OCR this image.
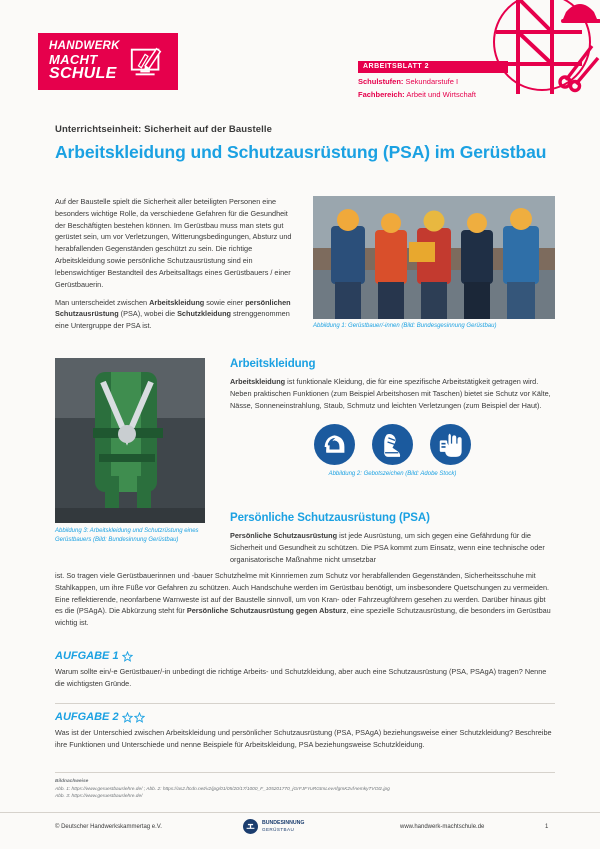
HANDWERK
MACHT
SCHULE	ARBEITSBLATT 2
Schulstufen: Sekundarstufe I
Fachbereich: Arbeit und Wirtschaft
Unterrichtseinheit: Sicherheit auf der Baustelle
Arbeitskleidung und Schutzausrüstung (PSA) im Gerüstbau

Auf der Baustelle spielt die Sicherheit aller beteiligten Personen eine besonders wichtige Rolle, da verschiedene Gefahren für die Gesundheit der Beschäftigten bestehen können. Im Gerüstbau muss man stets gut gerüstet sein, um vor Verletzungen, Witterungsbedingungen, Absturz und herabfallenden Gegenständen geschützt zu sein. Die richtige Arbeitskleidung sowie persönliche Schutzausrüstung sind ein lebenswichtiger Bestandteil des Arbeitsalltags eines Gerüstbauers / einer Gerüstbauerin.

Man unterscheidet zwischen Arbeitskleidung sowie einer persönlichen Schutzausrüstung (PSA), wobei die Schutzkleidung strenggenommen eine Untergruppe der PSA ist.	Abbildung 1: Gerüstbauer/-innen (Bild: Bundesgesinnung Gerüstbau)
Abbildung 3: Arbeitskleidung und Schutzrüstung eines Gerüstbauers (Bild: Bundesinnung Gerüstbau)
Arbeitskleidung
Arbeitskleidung ist funktionale Kleidung, die für eine spezifische Arbeitstätigkeit getragen wird. Neben praktischen Funktionen (zum Beispiel Arbeitshosen mit Taschen) bietet sie Schutz vor Kälte, Nässe, Sonneneinstrahlung, Staub, Schmutz und leichten Verletzungen (zum Beispiel der Haut).
Abbildung 2: Gebotszeichen (Bild: Adobe Stock)
Persönliche Schutzausrüstung (PSA)
Persönliche Schutzausrüstung ist jede Ausrüstung, um sich gegen eine Gefährdung für die Sicherheit und Gesundheit zu schützen. Die PSA kommt zum Einsatz, wenn eine technische oder organisatorische Maßnahme nicht umsetzbar
ist. So tragen viele Gerüstbauerinnen und -bauer Schutzhelme mit Kinnriemen zum Schutz vor herabfallenden Gegenständen, Sicherheitsschuhe mit Stahlkappen, um ihre Füße vor Gefahren zu schützen. Auch Handschuhe werden im Gerüstbau benötigt, um insbesondere Quetschungen zu vermeiden. Eine reflektierende, neonfarbene Warnweste ist auf der Baustelle sinnvoll, um von Kran- oder Fahrzeugführern gesehen zu werden. Darüber hinaus gibt es die (PSAgA). Die Abkürzung steht für Persönliche Schutzausrüstung gegen Absturz, eine spezielle Schutzausrüstung, die besonders im Gerüstbau wichtig ist.
AUFGABE 1
Warum sollte ein/-e Gerüstbauer/-in unbedingt die richtige Arbeits- und Schutzkleidung, aber auch eine Schutzausrüstung (PSA, PSAgA) tragen? Nenne die wichtigsten Gründe.
AUFGABE 2
Was ist der Unterschied zwischen Arbeitskleidung und persönlicher Schutzausrüstung (PSA, PSAgA) beziehungsweise einer Schutzkleidung? Beschreibe ihre Funktionen und Unterschiede und nenne Beispiele für Arbeitskleidung, PSA beziehungsweise Schutzkleidung.
Bildnachweise
Abb. 1: https://www.geruestbauslehre.de/ ; Abb. 2: https://as2.ftcdn.net/v2/jpg/01/05/20/17/1000_F_105201770_jGrFJFYuRGtmLevAfgmK2vfAemkyTVOtz.jpg
Abb. 3: https://www.geruestbauslehre.de/
© Deutscher Handwerkskammertag e.V.
BUNDESINNUNG
GERÜSTBAU	www.handwerk-machtschule.de	1
